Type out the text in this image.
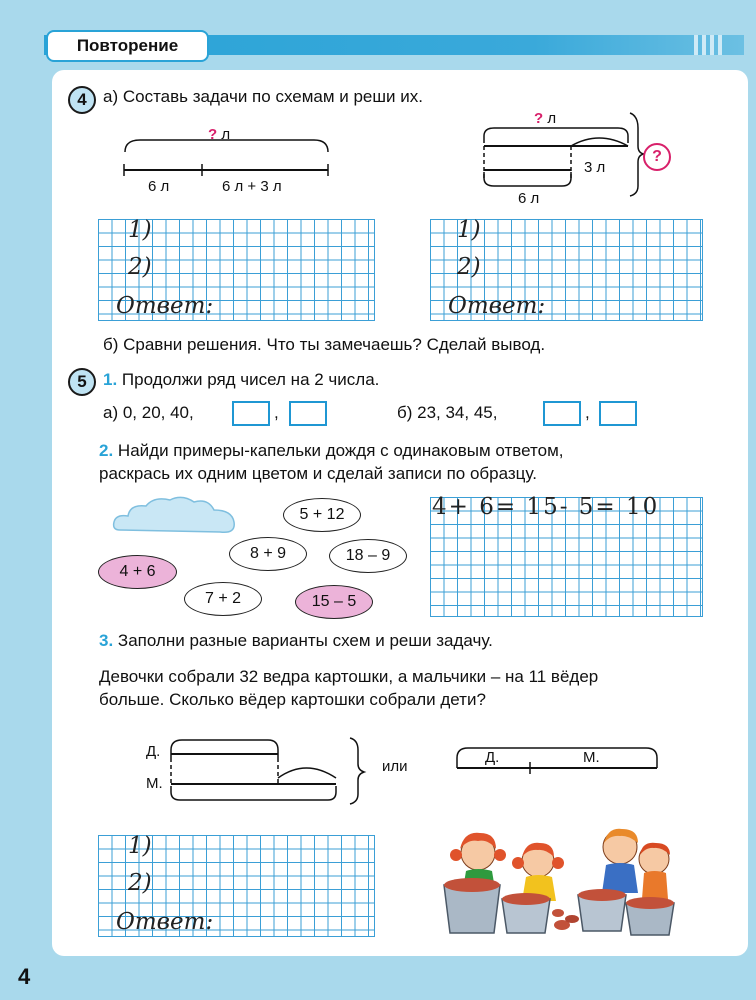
Повторение
4 а) Составь задачи по схемам и реши их.
? л
6 л	6 л + 3 л
? л
3 л
6 л
?
1)
2)
Ответ:
1)
2)
Ответ:
б) Сравни решения. Что ты замечаешь? Сделай вывод.
5 1. Продолжи ряд чисел на 2 числа.
а) 0, 20, 40,	,	б) 23, 34, 45,	,
2. Найди примеры-капельки дождя с одинаковым ответом,
раскрась их одним цветом и сделай записи по образцу.
5 + 12
8 + 9	18 – 9
4 + 6
7 + 2	15 – 5
4+ 6= 15- 5= 10
3. Заполни разные варианты схем и реши задачу.
Девочки собрали 32 ведра картошки, а мальчики – на 11 вёдер
больше. Сколько вёдер картошки собрали дети?
Д.
М.
или
Д.	М.
1)
2)
Ответ:
4
